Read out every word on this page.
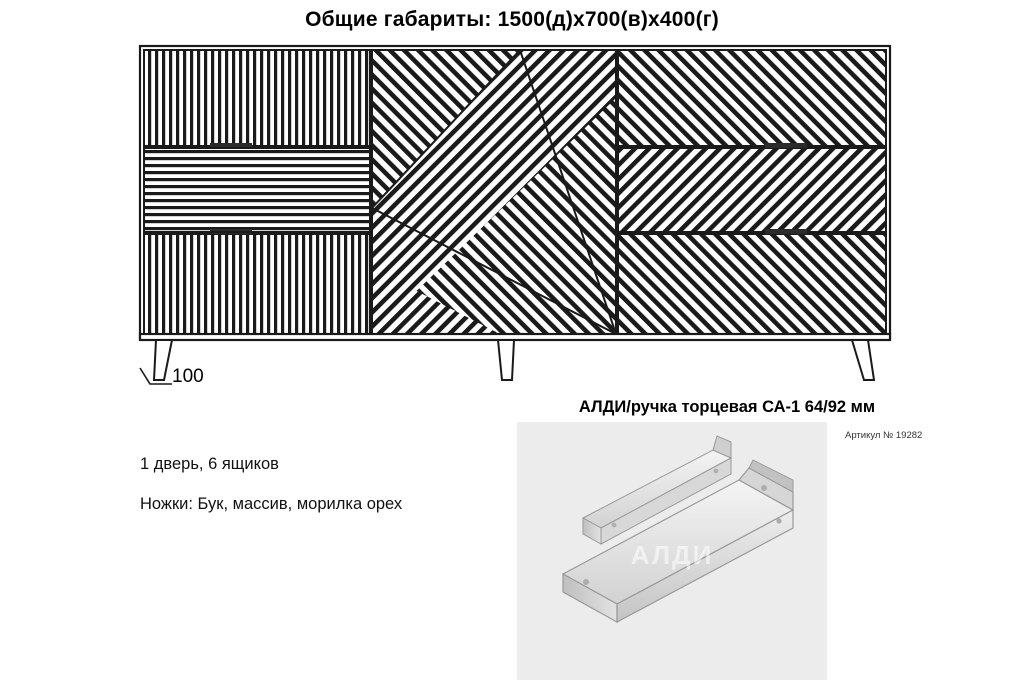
Общие габариты: 1500(д)x700(в)x400(г)
100
1 дверь, 6 ящиков
Ножки: Бук, массив, морилка орех
АЛДИ/ручка торцевая СА-1 64/92 мм
Артикул № 19282
АЛДИ
